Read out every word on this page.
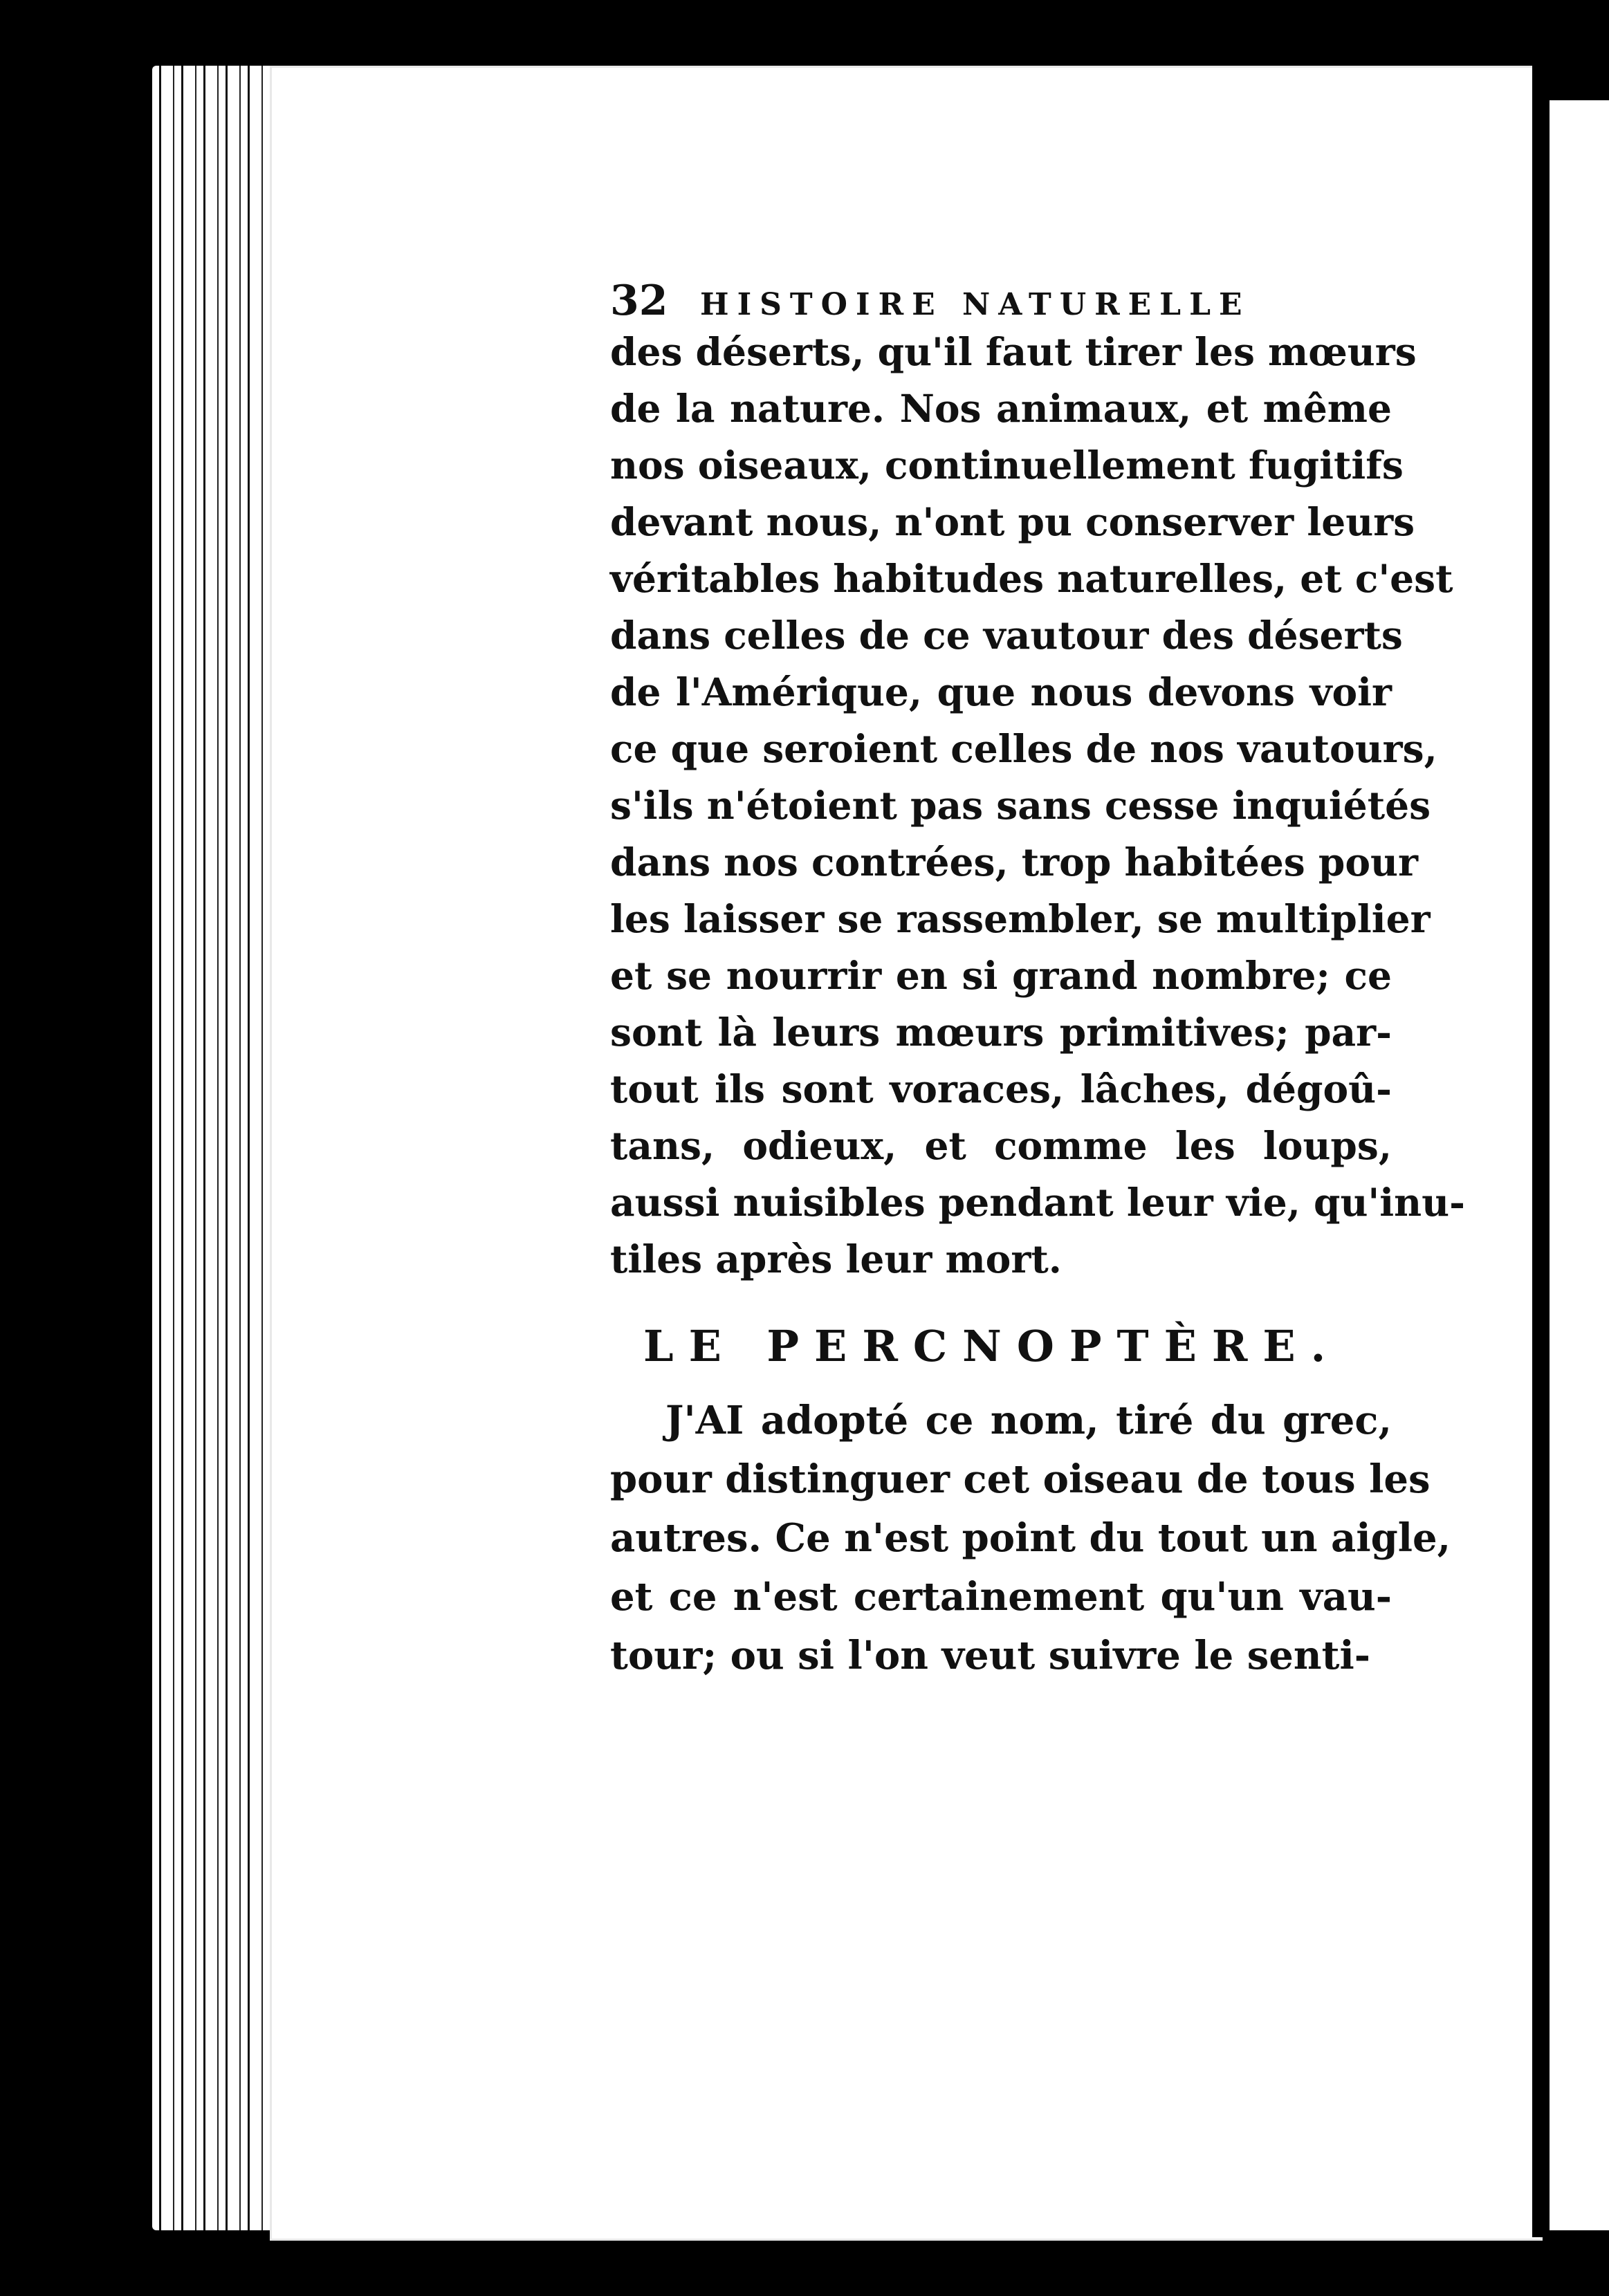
32	HISTOIRE NATURELLE
des déserts, qu'il faut tirer les mœurs
de la nature. Nos animaux, et même
nos oiseaux, continuellement fugitifs
devant nous, n'ont pu conserver leurs
véritables habitudes naturelles, et c'est
dans celles de ce vautour des déserts
de l'Amérique, que nous devons voir
ce que seroient celles de nos vautours,
s'ils n'étoient pas sans cesse inquiétés
dans nos contrées, trop habitées pour
les laisser se rassembler, se multiplier
et se nourrir en si grand nombre; ce
sont là leurs mœurs primitives; par-
tout ils sont voraces, lâches, dégoû-
tans, odieux, et comme les loups,
aussi nuisibles pendant leur vie, qu'inu-
tiles après leur mort.
LE PERCNOPTÈRE.
J'AI adopté ce nom, tiré du grec,
pour distinguer cet oiseau de tous les
autres. Ce n'est point du tout un aigle,
et ce n'est certainement qu'un vau-
tour; ou si l'on veut suivre le senti-
